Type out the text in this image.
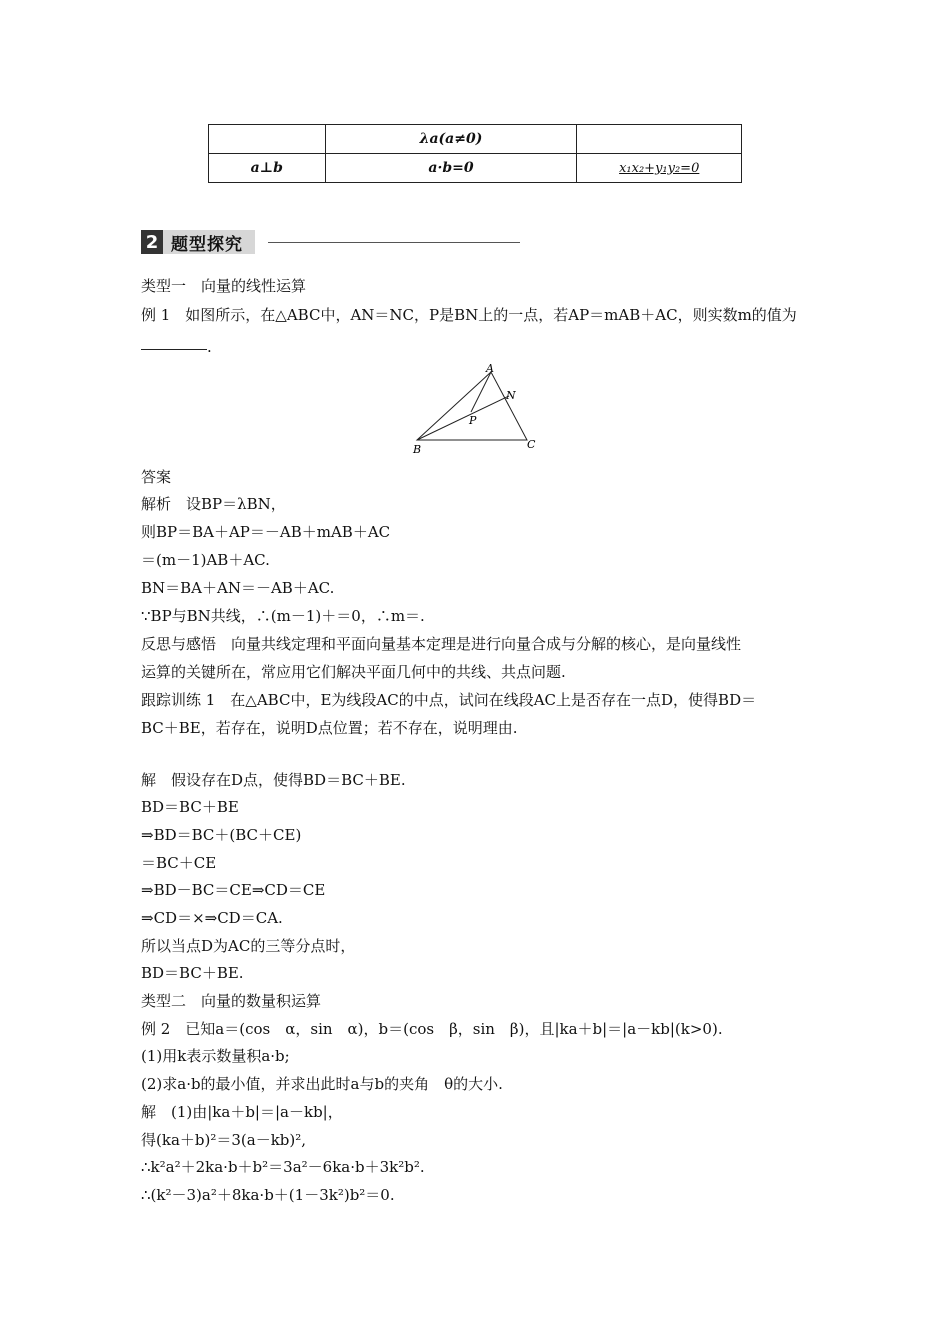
	λa(a≠0)	
a⊥b	a·b=0	x₁x₂+y₁y₂=0
2 题型探究
类型一　向量的线性运算
例 1　如图所示，在△ABC中，AN＝NC，P是BN上的一点，若AP＝mAB＋AC，则实数m的值为
.
A
B	C
N
P
答案
解析　设BP＝λBN，
则BP＝BA＋AP＝－AB＋mAB＋AC
＝(m－1)AB＋AC.
BN＝BA＋AN＝－AB＋AC.
∵BP与BN共线，∴(m－1)＋＝0，∴m＝.
反思与感悟　向量共线定理和平面向量基本定理是进行向量合成与分解的核心，是向量线性
运算的关键所在，常应用它们解决平面几何中的共线、共点问题.
跟踪训练 1　在△ABC中，E为线段AC的中点，试问在线段AC上是否存在一点D，使得BD＝
BC＋BE，若存在，说明D点位置；若不存在，说明理由.
解　假设存在D点，使得BD＝BC＋BE.
BD＝BC＋BE
⇒BD＝BC＋(BC＋CE)
＝BC＋CE
⇒BD－BC＝CE⇒CD＝CE
⇒CD＝×⇒CD＝CA.
所以当点D为AC的三等分点时，
BD＝BC＋BE.
类型二　向量的数量积运算
例 2　已知a＝(cos　α，sin　α)，b＝(cos　β，sin　β)，且|ka＋b|＝|a－kb|(k>0).
(1)用k表示数量积a·b;
(2)求a·b的最小值，并求出此时a与b的夹角　θ的大小.
解　(1)由|ka＋b|＝|a－kb|，
得(ka＋b)²＝3(a－kb)²,
∴k²a²＋2ka·b＋b²＝3a²－6ka·b＋3k²b².
∴(k²－3)a²＋8ka·b＋(1－3k²)b²＝0.
